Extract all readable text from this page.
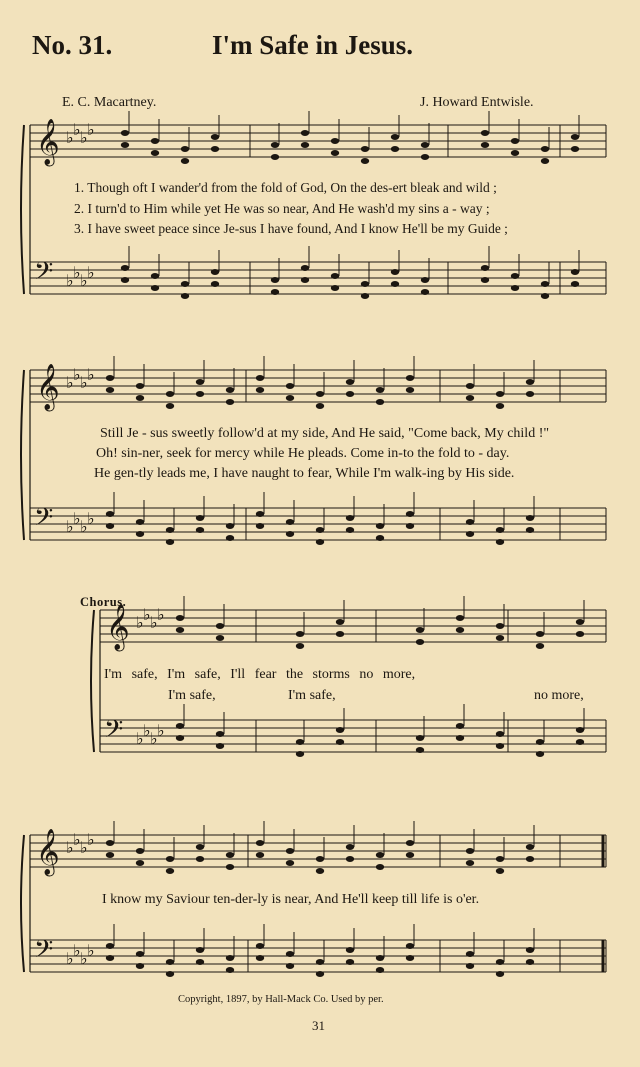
𝄞
𝄢
♭
♭
♭
♭
♭
♭
♭
♭
𝄞
𝄢
♭
♭
♭
♭
♭
♭
♭
♭
𝄞
𝄢
♭
♭
♭
♭
♭
♭
♭
♭
𝄞
𝄢
♭
♭
♭
♭
♭
♭
♭
♭
No. 31.	I'm Safe in Jesus.
E. C. Macartney.	J. Howard Entwisle.
1. Though oft I wander'd from the fold of God, On the des-ert bleak and wild ;
2. I turn'd to Him while yet He was so near, And He wash'd my sins a - way ;
3. I have sweet peace since Je-sus I have found, And I know He'll be my Guide ;
Still Je - sus sweetly follow'd at my side, And He said, "Come back, My child !"
Oh! sin-ner, seek for mercy while He pleads. Come in-to the fold to - day.
He gen-tly leads me, I have naught to fear, While I'm walk-ing by His side.
Chorus.
I'm safe, I'm safe, I'll fear the storms no more,
I'm safe,	I'm safe,	no more,
I know my Saviour ten-der-ly is near, And He'll keep till life is o'er.
Copyright, 1897, by Hall-Mack Co. Used by per.
31
